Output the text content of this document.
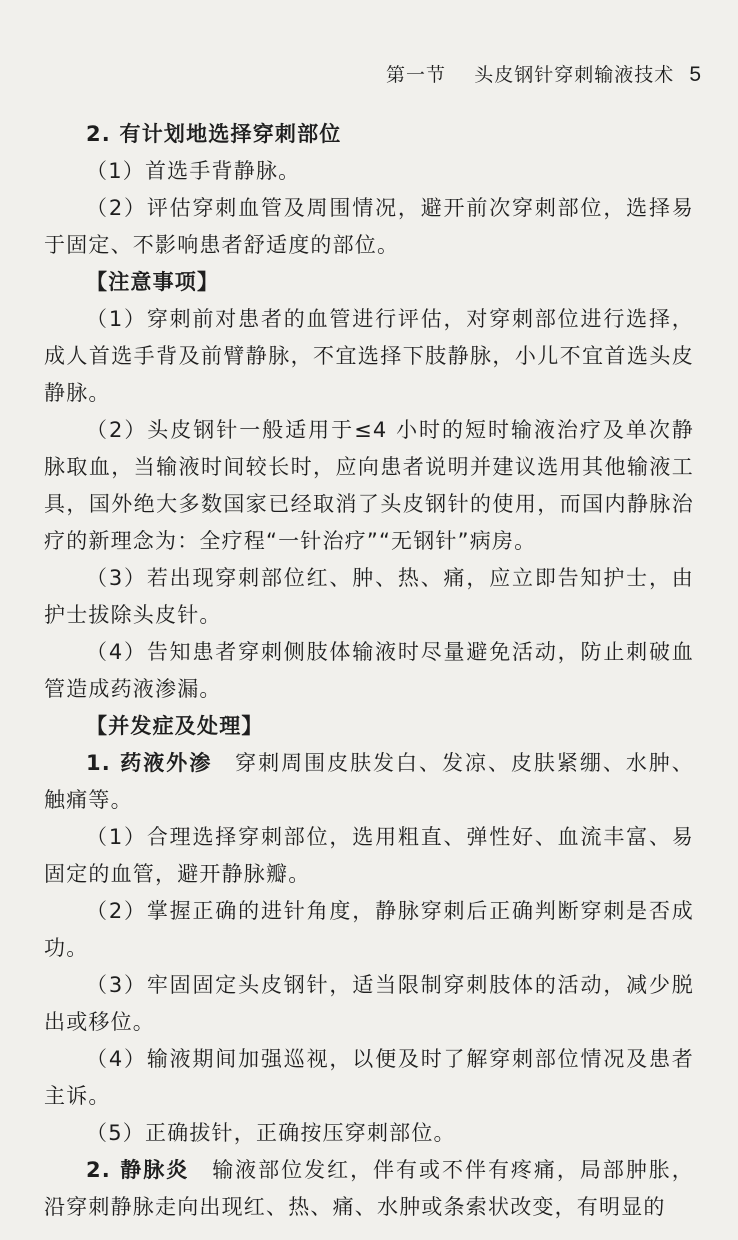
第一节 头皮钢针穿刺输液技术 5

2. 有计划地选择穿刺部位

（1）首选手背静脉。

（2）评估穿刺血管及周围情况，避开前次穿刺部位，选择易于固定、不影响患者舒适度的部位。

【注意事项】

（1）穿刺前对患者的血管进行评估，对穿刺部位进行选择，成人首选手背及前臂静脉，不宜选择下肢静脉，小儿不宜首选头皮静脉。

（2）头皮钢针一般适用于≤4 小时的短时输液治疗及单次静脉取血，当输液时间较长时，应向患者说明并建议选用其他输液工具，国外绝大多数国家已经取消了头皮钢针的使用，而国内静脉治疗的新理念为：全疗程“一针治疗”“无钢针”病房。

（3）若出现穿刺部位红、肿、热、痛，应立即告知护士，由护士拔除头皮针。

（4）告知患者穿刺侧肢体输液时尽量避免活动，防止刺破血管造成药液渗漏。

【并发症及处理】

1. 药液外渗　穿刺周围皮肤发白、发凉、皮肤紧绷、水肿、触痛等。

（1）合理选择穿刺部位，选用粗直、弹性好、血流丰富、易固定的血管，避开静脉瓣。

（2）掌握正确的进针角度，静脉穿刺后正确判断穿刺是否成功。

（3）牢固固定头皮钢针，适当限制穿刺肢体的活动，减少脱出或移位。

（4）输液期间加强巡视，以便及时了解穿刺部位情况及患者主诉。

（5）正确拔针，正确按压穿刺部位。

2. 静脉炎　输液部位发红，伴有或不伴有疼痛，局部肿胀，沿穿刺静脉走向出现红、热、痛、水肿或条索状改变，有明显的
